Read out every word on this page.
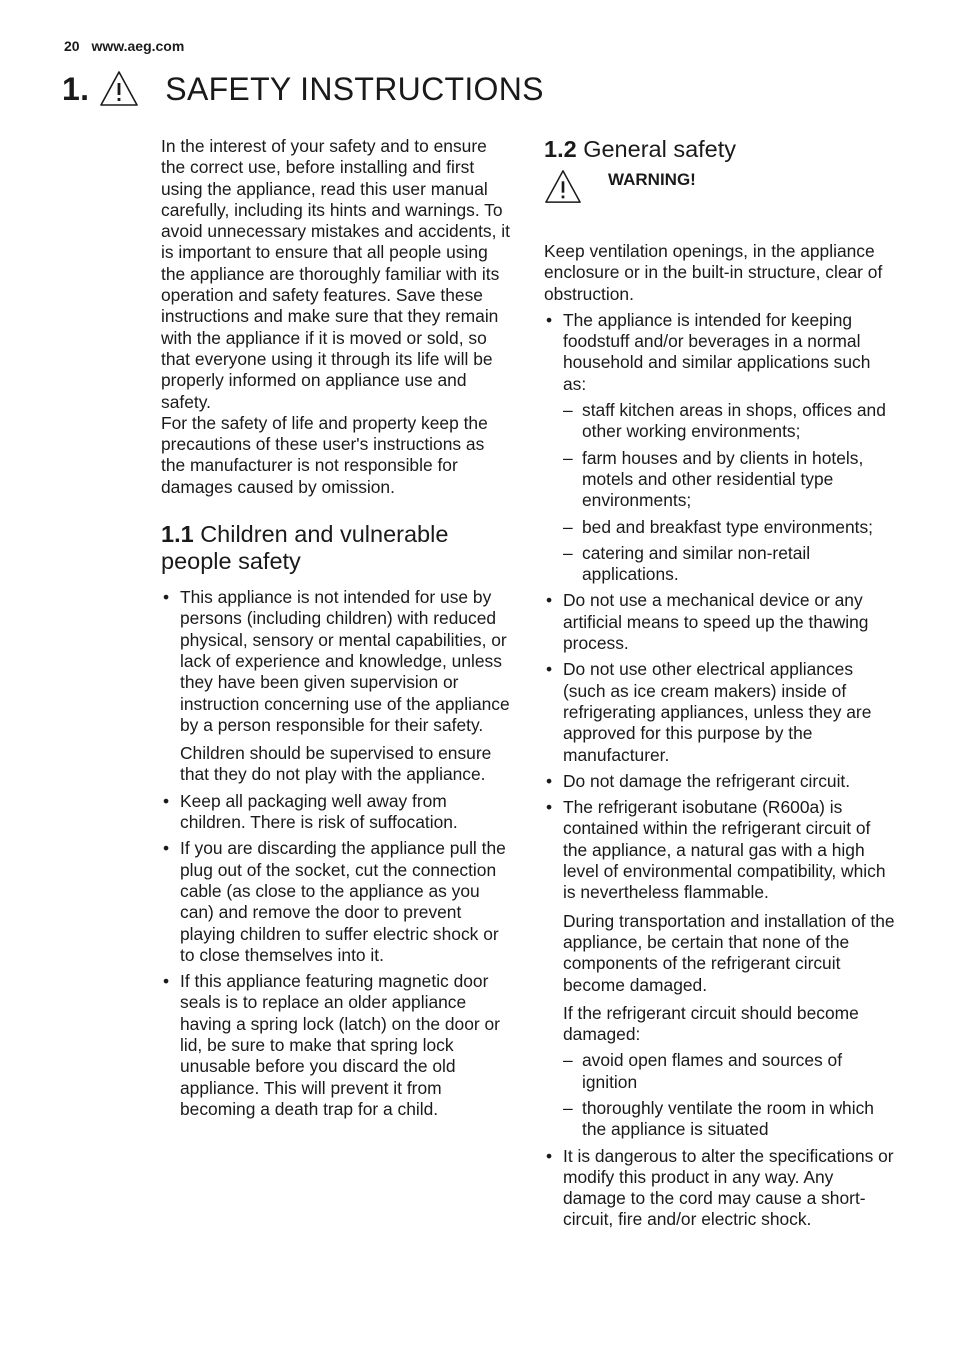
20 www.aeg.com
1. SAFETY INSTRUCTIONS

In the interest of your safety and to ensure the correct use, before installing and first using the appliance, read this user manual carefully, including its hints and warnings. To avoid unnecessary mistakes and accidents, it is important to ensure that all people using the appliance are thoroughly familiar with its operation and safety features. Save these instructions and make sure that they remain with the appliance if it is moved or sold, so that everyone using it through its life will be properly informed on appliance use and safety.

For the safety of life and property keep the precautions of these user's instructions as the manufacturer is not responsible for damages caused by omission.

1.1 Children and vulnerable people safety

• This appliance is not intended for use by persons (including children) with reduced physical, sensory or mental capabilities, or lack of experience and knowledge, unless they have been given supervision or instruction concerning use of the appliance by a person responsible for their safety.

Children should be supervised to ensure that they do not play with the appliance.

• Keep all packaging well away from children. There is risk of suffocation.

• If you are discarding the appliance pull the plug out of the socket, cut the connection cable (as close to the appliance as you can) and remove the door to prevent playing children to suffer electric shock or to close themselves into it.

• If this appliance featuring magnetic door seals is to replace an older appliance having a spring lock (latch) on the door or lid, be sure to make that spring lock unusable before you discard the old appliance. This will prevent it from becoming a death trap for a child.

1.2 General safety
WARNING!

Keep ventilation openings, in the appliance enclosure or in the built-in structure, clear of obstruction.

• The appliance is intended for keeping foodstuff and/or beverages in a normal household and similar applications such as:

– staff kitchen areas in shops, offices and other working environments;
– farm houses and by clients in hotels, motels and other residential type environments;
– bed and breakfast type environments;
– catering and similar non-retail applications.

• Do not use a mechanical device or any artificial means to speed up the thawing process.

• Do not use other electrical appliances (such as ice cream makers) inside of refrigerating appliances, unless they are approved for this purpose by the manufacturer.

• Do not damage the refrigerant circuit.

• The refrigerant isobutane (R600a) is contained within the refrigerant circuit of the appliance, a natural gas with a high level of environmental compatibility, which is nevertheless flammable.

During transportation and installation of the appliance, be certain that none of the components of the refrigerant circuit become damaged.

If the refrigerant circuit should become damaged:

– avoid open flames and sources of ignition
– thoroughly ventilate the room in which the appliance is situated

• It is dangerous to alter the specifications or modify this product in any way. Any damage to the cord may cause a short-circuit, fire and/or electric shock.
